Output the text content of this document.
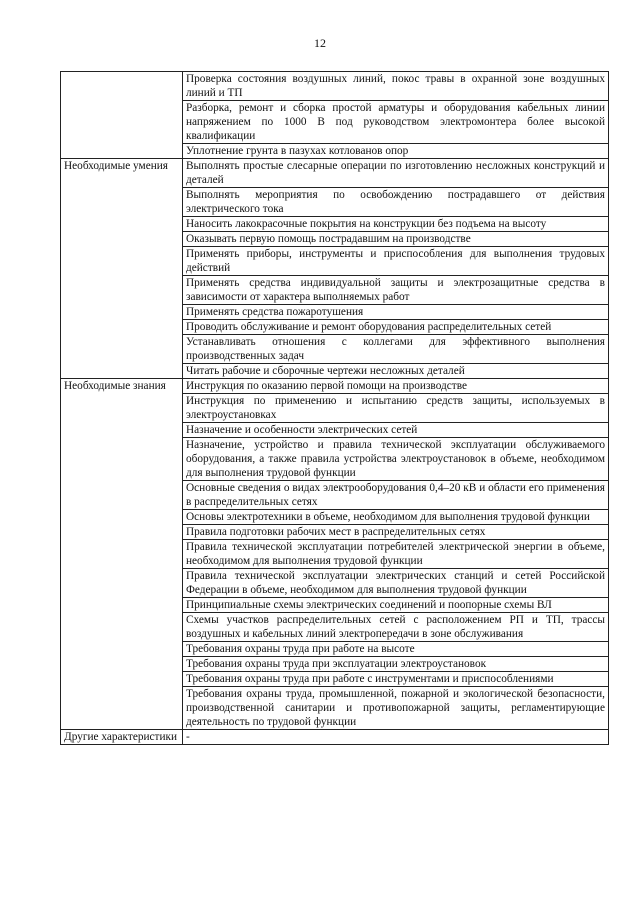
12
	Проверка состояния воздушных линий, покос травы в охранной зоне воздушных линий и ТП
	Разборка, ремонт и сборка простой арматуры и оборудования кабельных линии напряжением по 1000 В под руководством электромонтера более высокой квалификации
	Уплотнение грунта в пазухах котлованов опор
Необходимые умения	Выполнять простые слесарные операции по изготовлению несложных конструкций и деталей
	Выполнять мероприятия по освобождению пострадавшего от действия электрического тока
	Наносить лакокрасочные покрытия на конструкции без подъема на высоту
	Оказывать первую помощь пострадавшим на производстве
	Применять приборы, инструменты и приспособления для выполнения трудовых действий
	Применять средства индивидуальной защиты и электрозащитные средства в зависимости от характера выполняемых работ
	Применять средства пожаротушения
	Проводить обслуживание и ремонт оборудования распределительных сетей
	Устанавливать отношения с коллегами для эффективного выполнения производственных задач
	Читать рабочие и сборочные чертежи несложных деталей
Необходимые знания	Инструкция по оказанию первой помощи на производстве
	Инструкция по применению и испытанию средств защиты, используемых в электроустановках
	Назначение и особенности электрических сетей
	Назначение, устройство и правила технической эксплуатации обслуживаемого оборудования, а также правила устройства электроустановок в объеме, необходимом для выполнения трудовой функции
	Основные сведения о видах электрооборудования 0,4–20 кВ и области его применения в распределительных сетях
	Основы электротехники в объеме, необходимом для выполнения трудовой функции
	Правила подготовки рабочих мест в распределительных сетях
	Правила технической эксплуатации потребителей электрической энергии в объеме, необходимом для выполнения трудовой функции
	Правила технической эксплуатации электрических станций и сетей Российской Федерации в объеме, необходимом для выполнения трудовой функции
	Принципиальные схемы электрических соединений и поопорные схемы ВЛ
	Схемы участков распределительных сетей с расположением РП и ТП, трассы воздушных и кабельных линий электропередачи в зоне обслуживания
	Требования охраны труда при работе на высоте
	Требования охраны труда при эксплуатации электроустановок
	Требования охраны труда при работе с инструментами и приспособлениями
	Требования охраны труда, промышленной, пожарной и экологической безопасности, производственной санитарии и противопожарной защиты, регламентирующие деятельность по трудовой функции
Другие характеристики	-
